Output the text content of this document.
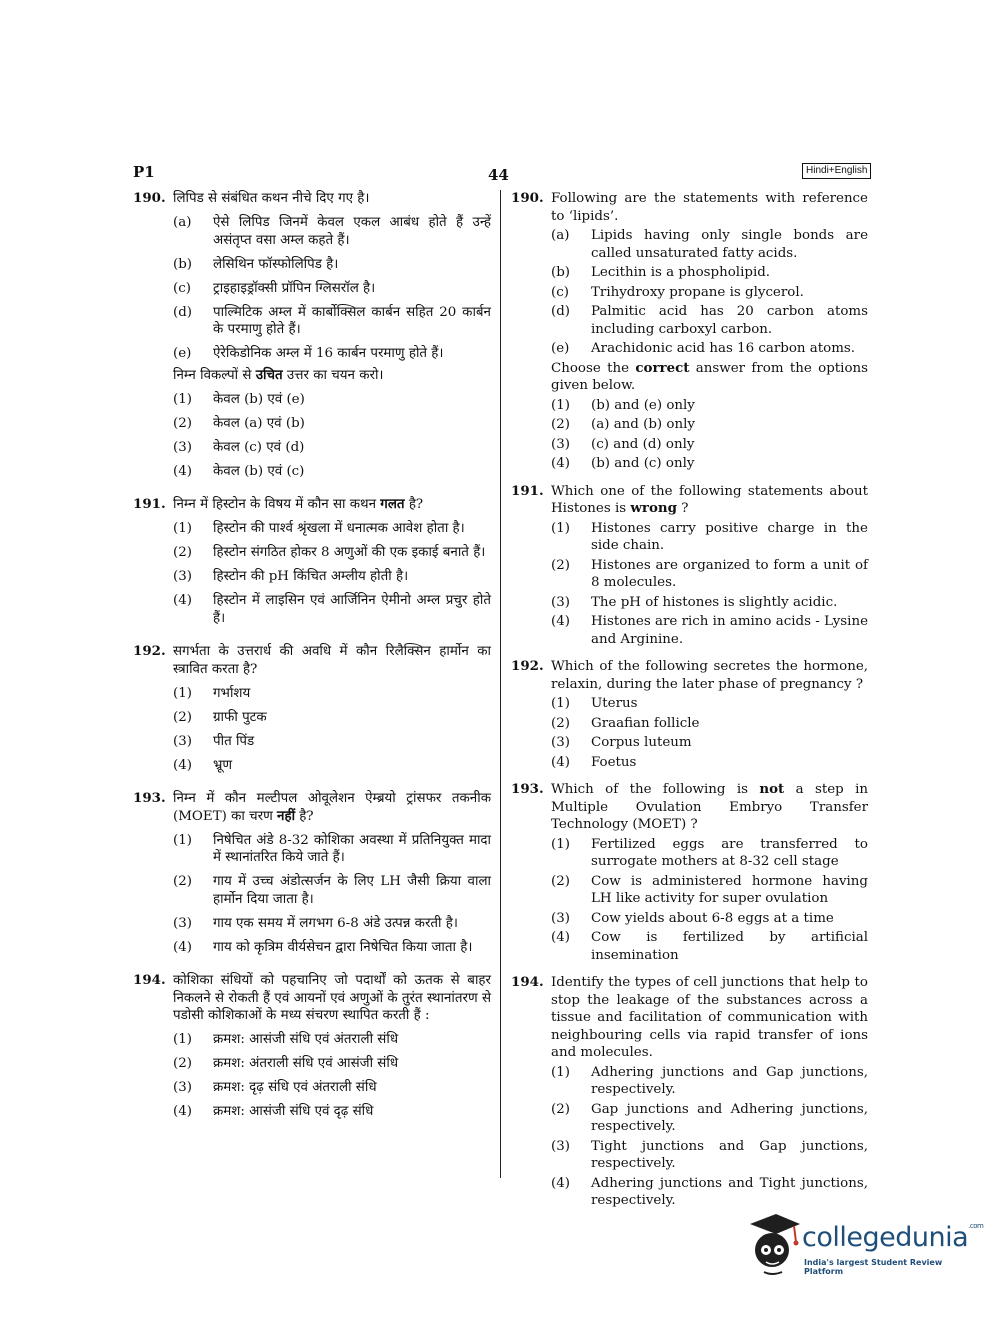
P1	44	Hindi+English
190. लिपिड से संबंधित कथन नीचे दिए गए है।
(a) ऐसे लिपिड जिनमें केवल एकल आबंध होते हैं उन्हें असंतृप्त वसा अम्ल कहते हैं।
(b) लेसिथिन फॉस्फोलिपिड है।
(c) ट्राइहाइड्रॉक्सी प्रॉपिन ग्लिसरॉल है।
(d) पाल्मिटिक अम्ल में कार्बोक्सिल कार्बन सहित 20 कार्बन के परमाणु होते हैं।
(e) ऐरेकिडोनिक अम्ल में 16 कार्बन परमाणु होते हैं।
निम्न विकल्पों से उचित उत्तर का चयन करो।
(1) केवल (b) एवं (e)
(2) केवल (a) एवं (b)
(3) केवल (c) एवं (d)
(4) केवल (b) एवं (c)
191. निम्न में हिस्टोन के विषय में कौन सा कथन गलत है?
(1) हिस्टोन की पार्श्व श्रृंखला में धनात्मक आवेश होता है।
(2) हिस्टोन संगठित होकर 8 अणुओं की एक इकाई बनाते हैं।
(3) हिस्टोन की pH किंचित अम्लीय होती है।
(4) हिस्टोन में लाइसिन एवं आर्जिनिन ऐमीनो अम्ल प्रचुर होते हैं।
192. सगर्भता के उत्तरार्ध की अवधि में कौन रिलैक्सिन हार्मोन का स्त्रावित करता है?
(1) गर्भाशय
(2) ग्राफी पुटक
(3) पीत पिंड
(4) भ्रूण
193. निम्न में कौन मल्टीपल ओवूलेशन ऐम्ब्रयो ट्रांसफर तकनीक (MOET) का चरण नहीं है?
(1) निषेचित अंडे 8-32 कोशिका अवस्था में प्रतिनियुक्त मादा में स्थानांतरित किये जाते हैं।
(2) गाय में उच्च अंडोत्सर्जन के लिए LH जैसी क्रिया वाला हार्मोन दिया जाता है।
(3) गाय एक समय में लगभग 6-8 अंडे उत्पन्न करती है।
(4) गाय को कृत्रिम वीर्यसेचन द्वारा निषेचित किया जाता है।
194. कोशिका संधियों को पहचानिए जो पदार्थों को ऊतक से बाहर निकलने से रोकती हैं एवं आयनों एवं अणुओं के तुरंत स्थानांतरण से पडोसी कोशिकाओं के मध्य संचरण स्थापित करती हैं :
(1) क्रमश: आसंजी संधि एवं अंतराली संधि
(2) क्रमश: अंतराली संधि एवं आसंजी संधि
(3) क्रमश: दृढ़ संधि एवं अंतराली संधि
(4) क्रमश: आसंजी संधि एवं दृढ़ संधि
190. Following are the statements with reference to ‘lipids’.
(a) Lipids having only single bonds are called unsaturated fatty acids.
(b) Lecithin is a phospholipid.
(c) Trihydroxy propane is glycerol.
(d) Palmitic acid has 20 carbon atoms including carboxyl carbon.
(e) Arachidonic acid has 16 carbon atoms.
Choose the correct answer from the options given below.
(1) (b) and (e) only
(2) (a) and (b) only
(3) (c) and (d) only
(4) (b) and (c) only
191. Which one of the following statements about Histones is wrong ?
(1) Histones carry positive charge in the side chain.
(2) Histones are organized to form a unit of 8 molecules.
(3) The pH of histones is slightly acidic.
(4) Histones are rich in amino acids - Lysine and Arginine.
192. Which of the following secretes the hormone, relaxin, during the later phase of pregnancy ?
(1) Uterus
(2) Graafian follicle
(3) Corpus luteum
(4) Foetus
193. Which of the following is not a step in Multiple Ovulation Embryo Transfer Technology (MOET) ?
(1) Fertilized eggs are transferred to surrogate mothers at 8-32 cell stage
(2) Cow is administered hormone having LH like activity for super ovulation
(3) Cow yields about 6-8 eggs at a time
(4) Cow is fertilized by artificial insemination
194. Identify the types of cell junctions that help to stop the leakage of the substances across a tissue and facilitation of communication with neighbouring cells via rapid transfer of ions and molecules.
(1) Adhering junctions and Gap junctions, respectively.
(2) Gap junctions and Adhering junctions, respectively.
(3) Tight junctions and Gap junctions, respectively.
(4) Adhering junctions and Tight junctions, respectively.
collegedunia$^{.com}$
India's largest Student Review Platform
